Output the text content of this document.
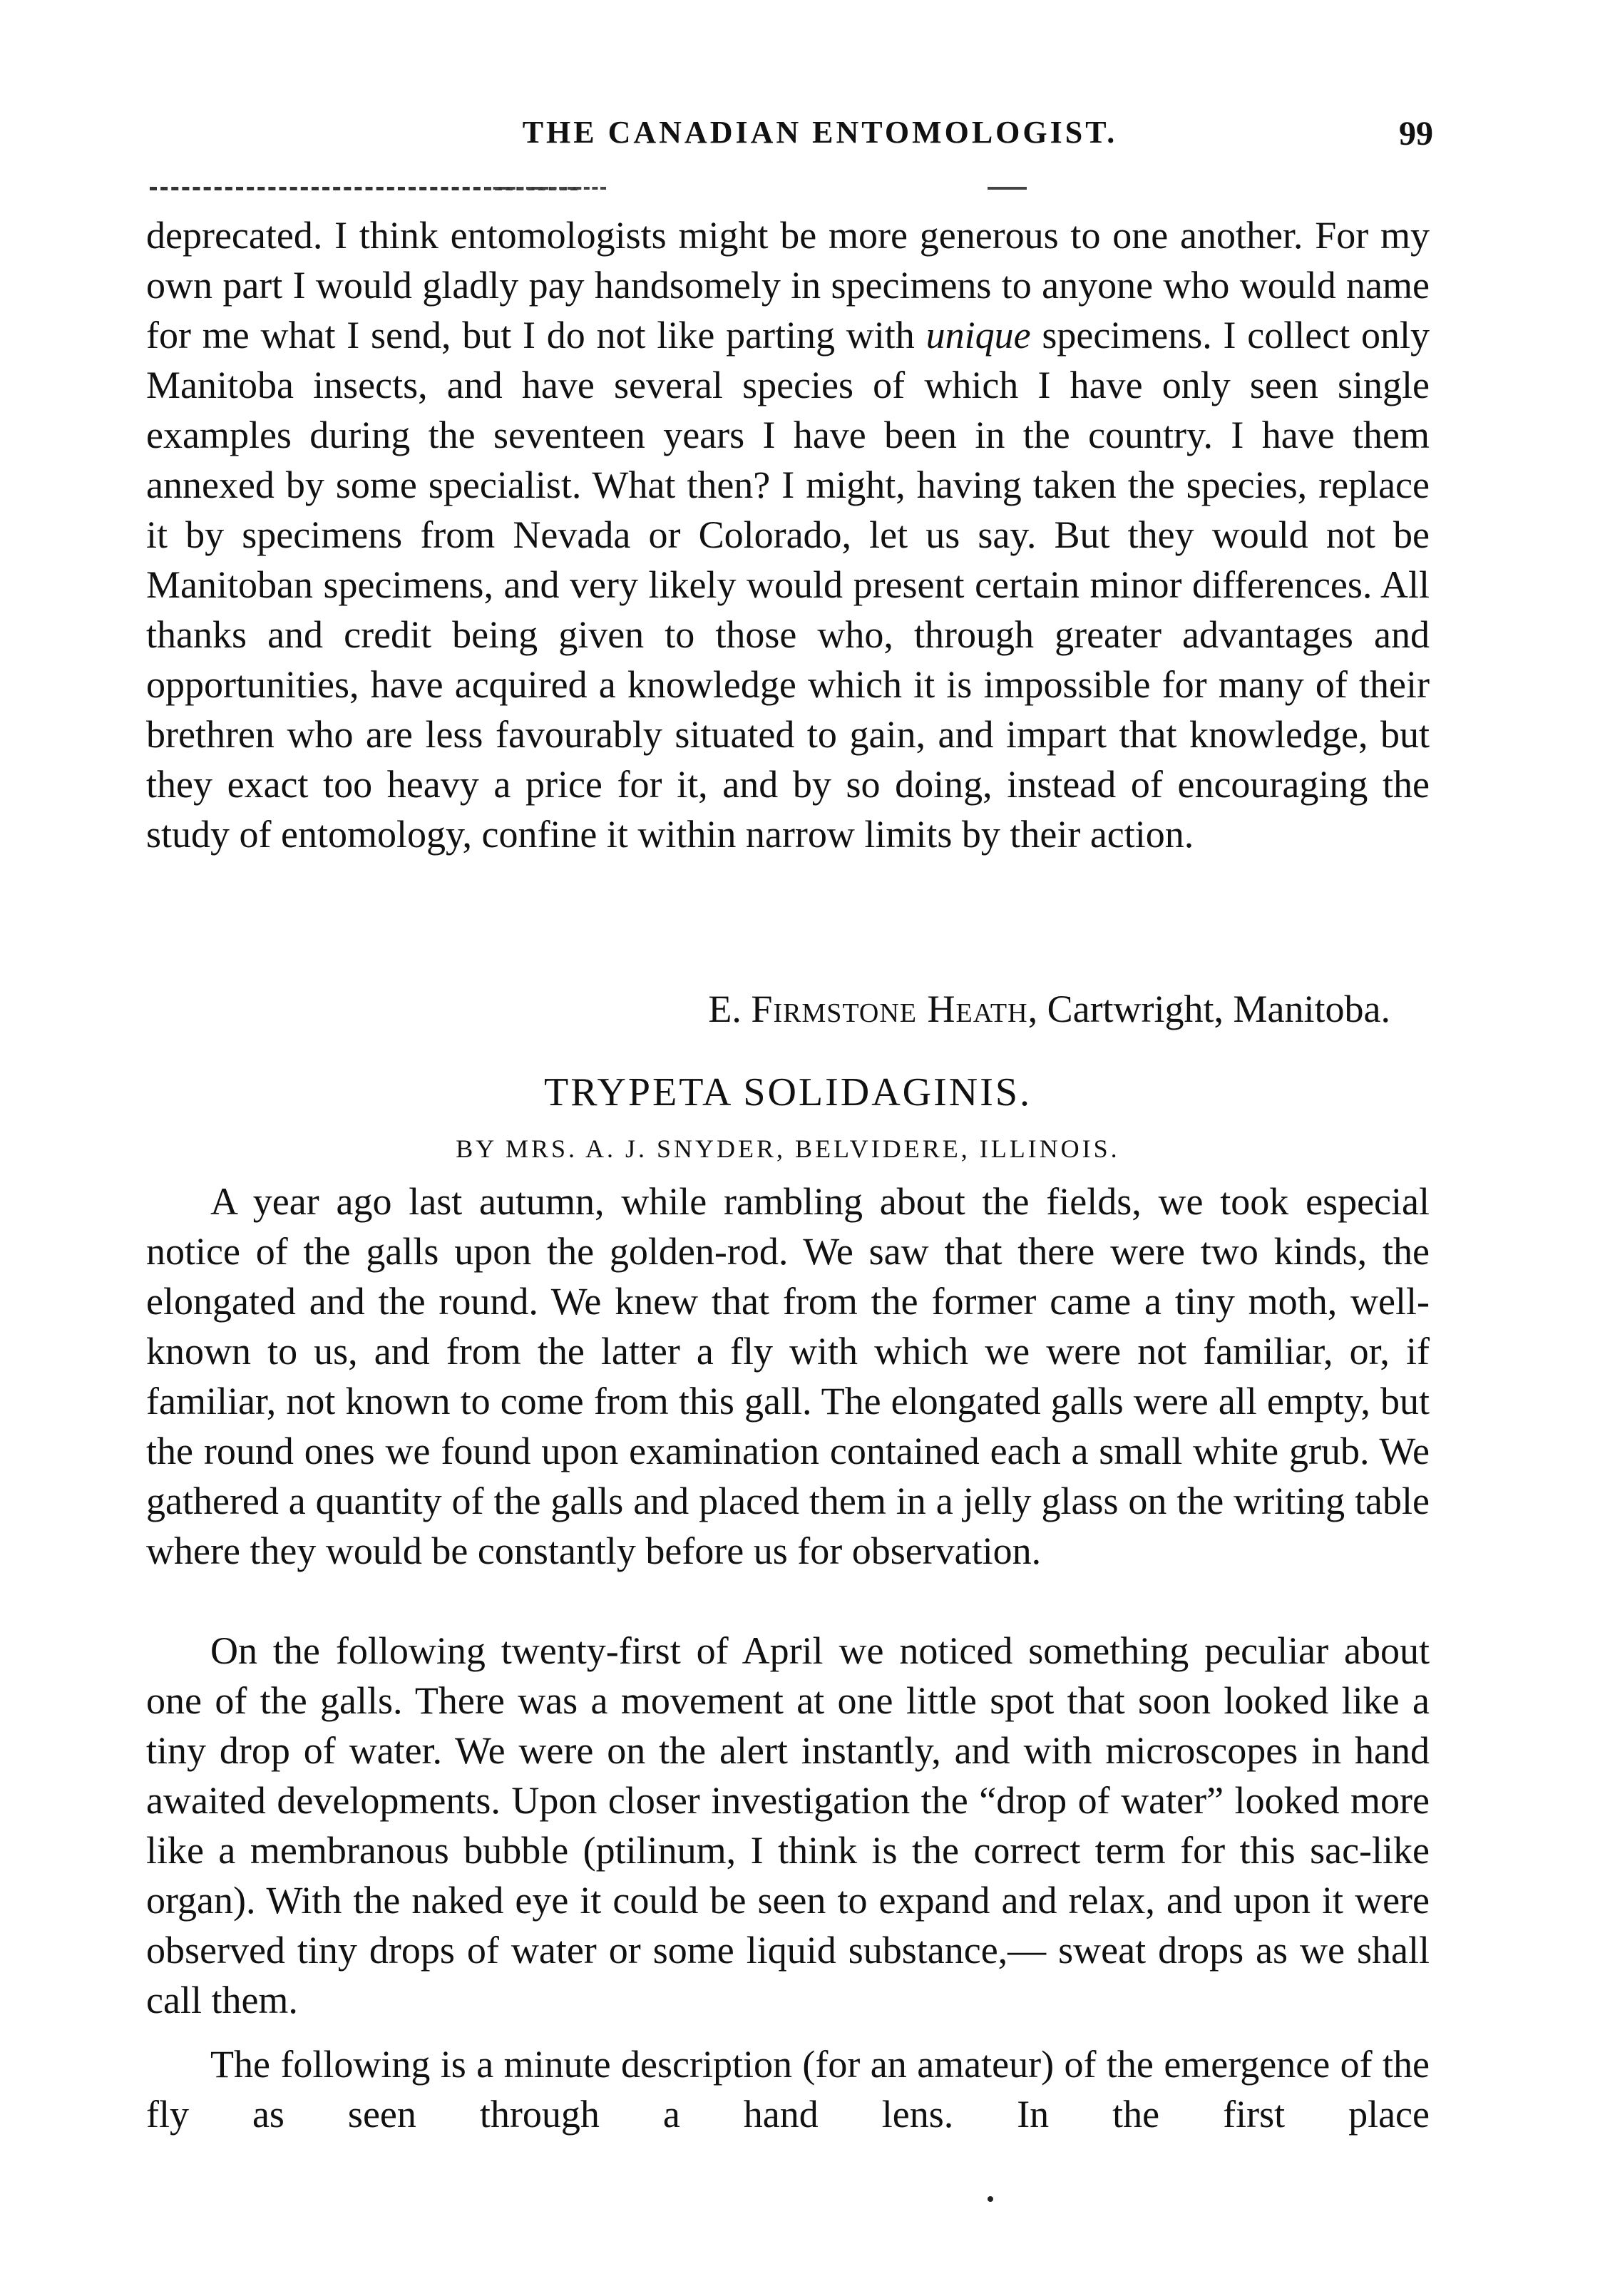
THE CANADIAN ENTOMOLOGIST.	99

deprecated. I think entomologists might be more generous to one another. For my own part I would gladly pay handsomely in specimens to anyone who would name for me what I send, but I do not like parting with unique specimens. I collect only Manitoba insects, and have several species of which I have only seen single examples during the seventeen years I have been in the country. I have them annexed by some specialist. What then? I might, having taken the species, replace it by specimens from Nevada or Colorado, let us say. But they would not be Manitoban specimens, and very likely would present certain minor differences. All thanks and credit being given to those who, through greater advantages and opportunities, have acquired a knowledge which it is impossible for many of their brethren who are less favourably situated to gain, and impart that knowledge, but they exact too heavy a price for it, and by so doing, instead of encouraging the study of entomology, confine it within narrow limits by their action.

E. Firmstone Heath, Cartwright, Manitoba.
TRYPETA SOLIDAGINIS.
BY MRS. A. J. SNYDER, BELVIDERE, ILLINOIS.

A year ago last autumn, while rambling about the fields, we took especial notice of the galls upon the golden-rod. We saw that there were two kinds, the elongated and the round. We knew that from the former came a tiny moth, well-known to us, and from the latter a fly with which we were not familiar, or, if familiar, not known to come from this gall. The elongated galls were all empty, but the round ones we found upon examination contained each a small white grub. We gathered a quantity of the galls and placed them in a jelly glass on the writing table where they would be constantly before us for observation.

On the following twenty-first of April we noticed something peculiar about one of the galls. There was a movement at one little spot that soon looked like a tiny drop of water. We were on the alert instantly, and with microscopes in hand awaited developments. Upon closer investigation the “drop of water” looked more like a membranous bubble (ptilinum, I think is the correct term for this sac-like organ). With the naked eye it could be seen to expand and relax, and upon it were observed tiny drops of water or some liquid substance,— sweat drops as we shall call them.

The following is a minute description (for an amateur) of the emergence of the fly as seen through a hand lens. In the first place
